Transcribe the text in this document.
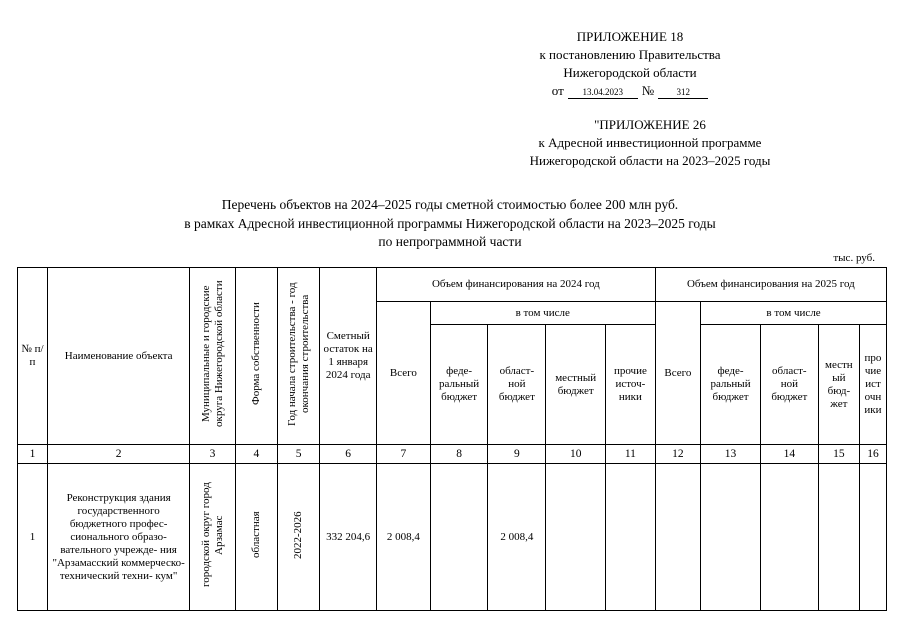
ПРИЛОЖЕНИЕ 18
к постановлению Правительства
Нижегородской области
от	13.04.2023	№	312
"ПРИЛОЖЕНИЕ 26
к Адресной инвестиционной программе
Нижегородской области на 2023–2025 годы
Перечень объектов на 2024–2025 годы сметной стоимостью более 200 млн руб.
в рамках Адресной инвестиционной программы Нижегородской области на 2023–2025 годы
по непрограммной части
тыс. руб.
№ п/п	Наименование объекта	Муниципальные и городские округа Нижегородской области	Форма собственности	Год начала строительства - год окончания строительства	Сметный остаток на 1 января 2024 года	Объем финансирования на 2024 год					Объем финансирования на 2025 год				
						Всего	в том числе				Всего	в том числе			
							феде- ральный бюджет	област- ной бюджет	местный бюджет	прочие источ- ники		феде- ральный бюджет	област- ной бюджет	местн ый бюд- жет	про чие ист очн ики
1	2	3	4	5	6	7	8	9	10	11	12	13	14	15	16
1	Реконструкция здания государственного бюджетного профес- сионального образо- вательного учрежде- ния "Арзамасский коммерческо- технический техни- кум"	городской округ город Арзамас	областная	2022-2026	332 204,6	2 008,4		2 008,4							
